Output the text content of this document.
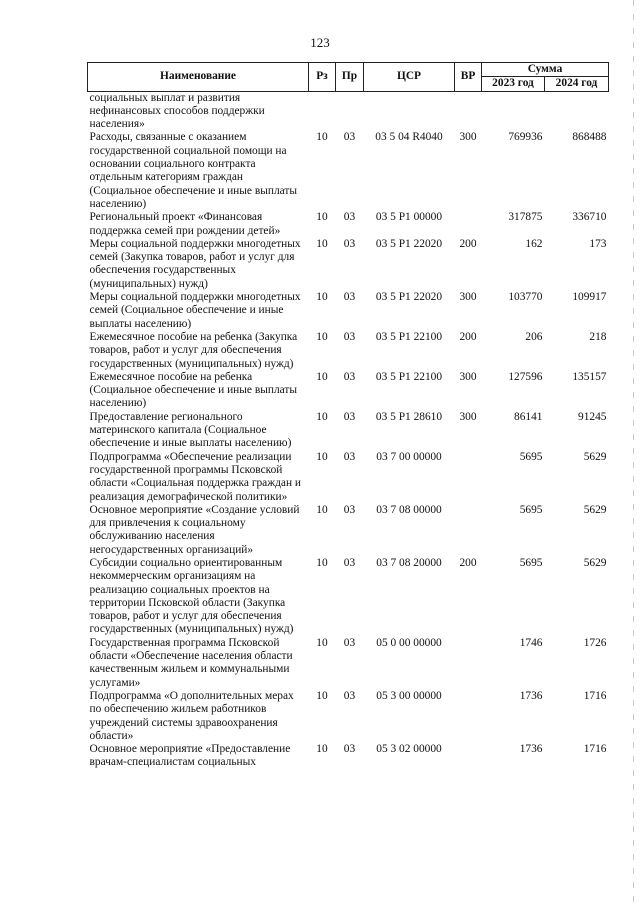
123
Наименование	Рз	Пр	ЦСР	ВР	Сумма	
					2023 год	2024 год
социальных выплат и развития нефинансовых способов поддержки населения»						
Расходы, связанные с оказанием государственной социальной помощи на основании социального контракта отдельным категориям граждан (Социальное обеспечение и иные выплаты населению)	10	03	03 5 04 R4040	300	769936	868488
Региональный проект «Финансовая поддержка семей при рождении детей»	10	03	03 5 P1 00000		317875	336710
Меры социальной поддержки многодетных семей (Закупка товаров, работ и услуг для обеспечения государственных (муниципальных) нужд)	10	03	03 5 P1 22020	200	162	173
Меры социальной поддержки многодетных семей (Социальное обеспечение и иные выплаты населению)	10	03	03 5 P1 22020	300	103770	109917
Ежемесячное пособие на ребенка (Закупка товаров, работ и услуг для обеспечения государственных (муниципальных) нужд)	10	03	03 5 P1 22100	200	206	218
Ежемесячное пособие на ребенка (Социальное обеспечение и иные выплаты населению)	10	03	03 5 P1 22100	300	127596	135157
Предоставление регионального материнского капитала (Социальное обеспечение и иные выплаты населению)	10	03	03 5 P1 28610	300	86141	91245
Подпрограмма «Обеспечение реализации государственной программы Псковской области «Социальная поддержка граждан и реализация демографической политики»	10	03	03 7 00 00000		5695	5629
Основное мероприятие «Создание условий для привлечения к социальному обслуживанию населения негосударственных организаций»	10	03	03 7 08 00000		5695	5629
Субсидии социально ориентированным некоммерческим организациям на реализацию социальных проектов на территории Псковской области (Закупка товаров, работ и услуг для обеспечения государственных (муниципальных) нужд)	10	03	03 7 08 20000	200	5695	5629
Государственная программа Псковской области «Обеспечение населения области качественным жильем и коммунальными услугами»	10	03	05 0 00 00000		1746	1726
Подпрограмма «О дополнительных мерах по обеспечению жильем работников учреждений системы здравоохранения области»	10	03	05 3 00 00000		1736	1716
Основное мероприятие «Предоставление врачам-специалистам социальных	10	03	05 3 02 00000		1736	1716
